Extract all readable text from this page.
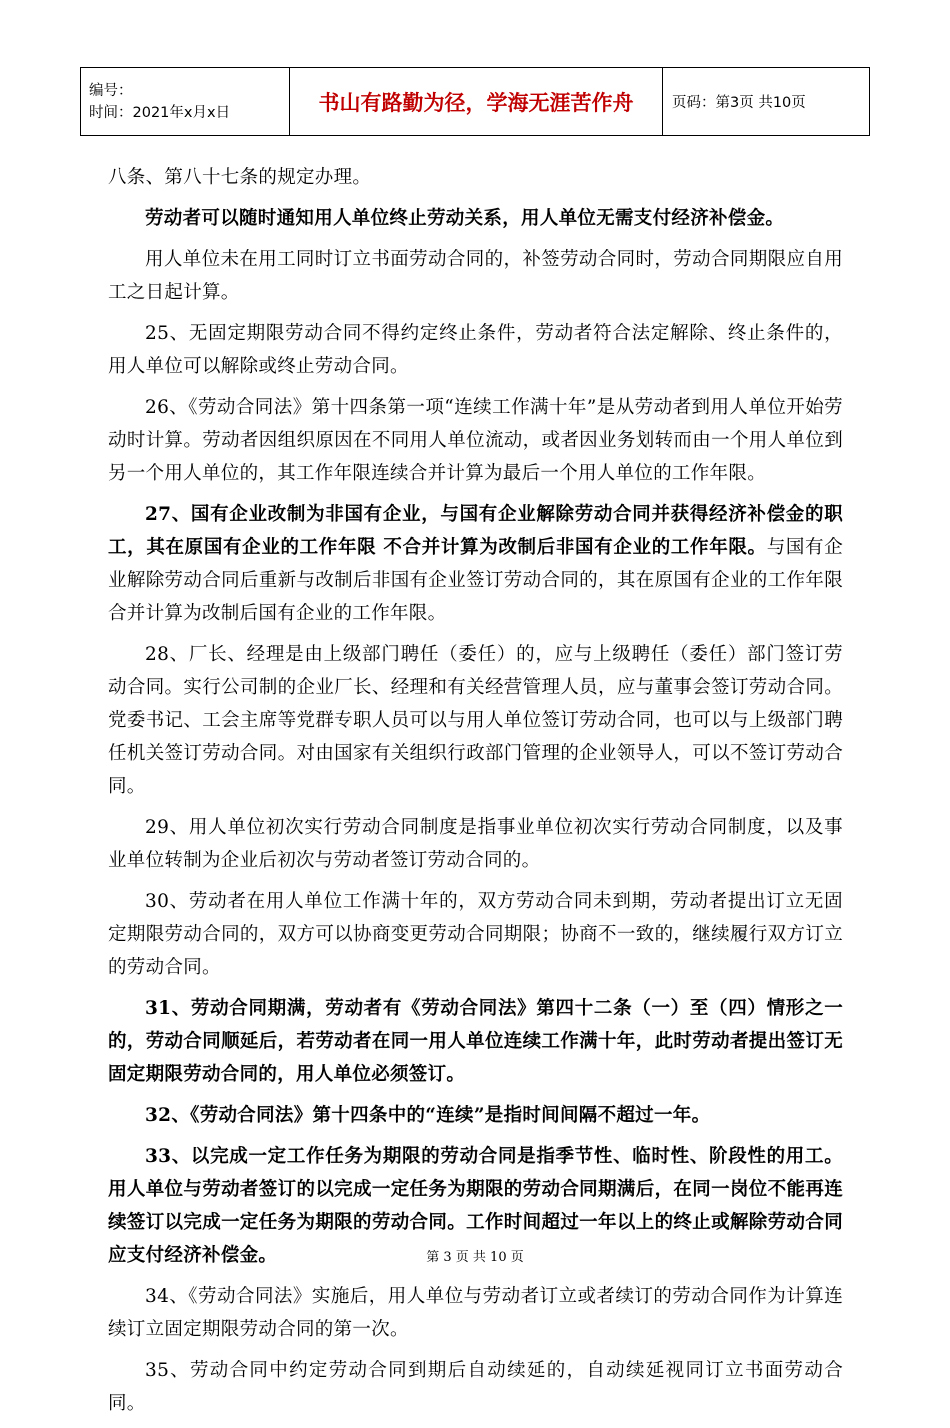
编号：
时间：2021年x月x日	书山有路勤为径，学海无涯苦作舟	页码：第3页 共10页

八条、第八十七条的规定办理。

劳动者可以随时通知用人单位终止劳动关系，用人单位无需支付经济补偿金。

用人单位未在用工同时订立书面劳动合同的，补签劳动合同时，劳动合同期限应自用工之日起计算。

25、无固定期限劳动合同不得约定终止条件，劳动者符合法定解除、终止条件的，用人单位可以解除或终止劳动合同。

26、《劳动合同法》第十四条第一项“连续工作满十年”是从劳动者到用人单位开始劳动时计算。劳动者因组织原因在不同用人单位流动，或者因业务划转而由一个用人单位到另一个用人单位的，其工作年限连续合并计算为最后一个用人单位的工作年限。

27、国有企业改制为非国有企业，与国有企业解除劳动合同并获得经济补偿金的职工，其在原国有企业的工作年限 不合并计算为改制后非国有企业的工作年限。与国有企业解除劳动合同后重新与改制后非国有企业签订劳动合同的，其在原国有企业的工作年限合并计算为改制后国有企业的工作年限。

28、厂长、经理是由上级部门聘任（委任）的，应与上级聘任（委任）部门签订劳动合同。实行公司制的企业厂长、经理和有关经营管理人员，应与董事会签订劳动合同。党委书记、工会主席等党群专职人员可以与用人单位签订劳动合同，也可以与上级部门聘任机关签订劳动合同。对由国家有关组织行政部门管理的企业领导人，可以不签订劳动合同。

29、用人单位初次实行劳动合同制度是指事业单位初次实行劳动合同制度，以及事业单位转制为企业后初次与劳动者签订劳动合同的。

30、劳动者在用人单位工作满十年的，双方劳动合同未到期，劳动者提出订立无固定期限劳动合同的，双方可以协商变更劳动合同期限；协商不一致的，继续履行双方订立的劳动合同。

31、劳动合同期满，劳动者有《劳动合同法》第四十二条（一）至（四）情形之一的，劳动合同顺延后，若劳动者在同一用人单位连续工作满十年，此时劳动者提出签订无固定期限劳动合同的，用人单位必须签订。

32、《劳动合同法》第十四条中的“连续”是指时间间隔不超过一年。

33、以完成一定工作任务为期限的劳动合同是指季节性、临时性、阶段性的用工。用人单位与劳动者签订的以完成一定任务为期限的劳动合同期满后，在同一岗位不能再连续签订以完成一定任务为期限的劳动合同。工作时间超过一年以上的终止或解除劳动合同应支付经济补偿金。

34、《劳动合同法》实施后，用人单位与劳动者订立或者续订的劳动合同作为计算连续订立固定期限劳动合同的第一次。

35、劳动合同中约定劳动合同到期后自动续延的，自动续延视同订立书面劳动合同。

第 3 页 共 10 页
